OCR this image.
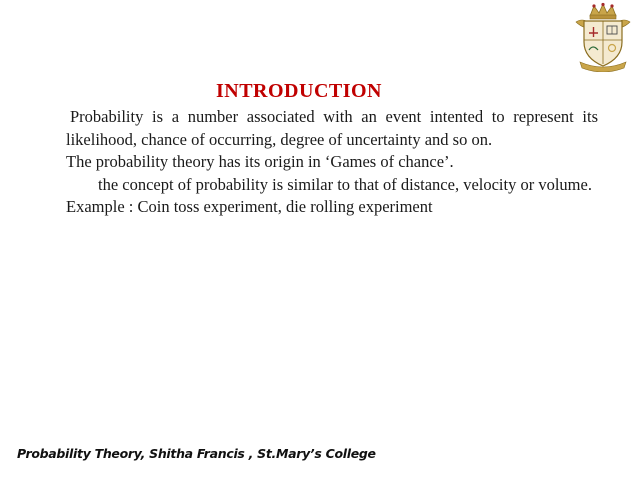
INTRODUCTION

Probability is a number associated with an event intented to represent its likelihood, chance of occurring, degree of uncertainty and so on.

The probability theory has its origin in ‘Games of chance’.

the concept of probability is similar to that of distance, velocity or volume.

Example : Coin toss experiment, die rolling experiment

Probability Theory, Shitha Francis , St.Mary’s College
